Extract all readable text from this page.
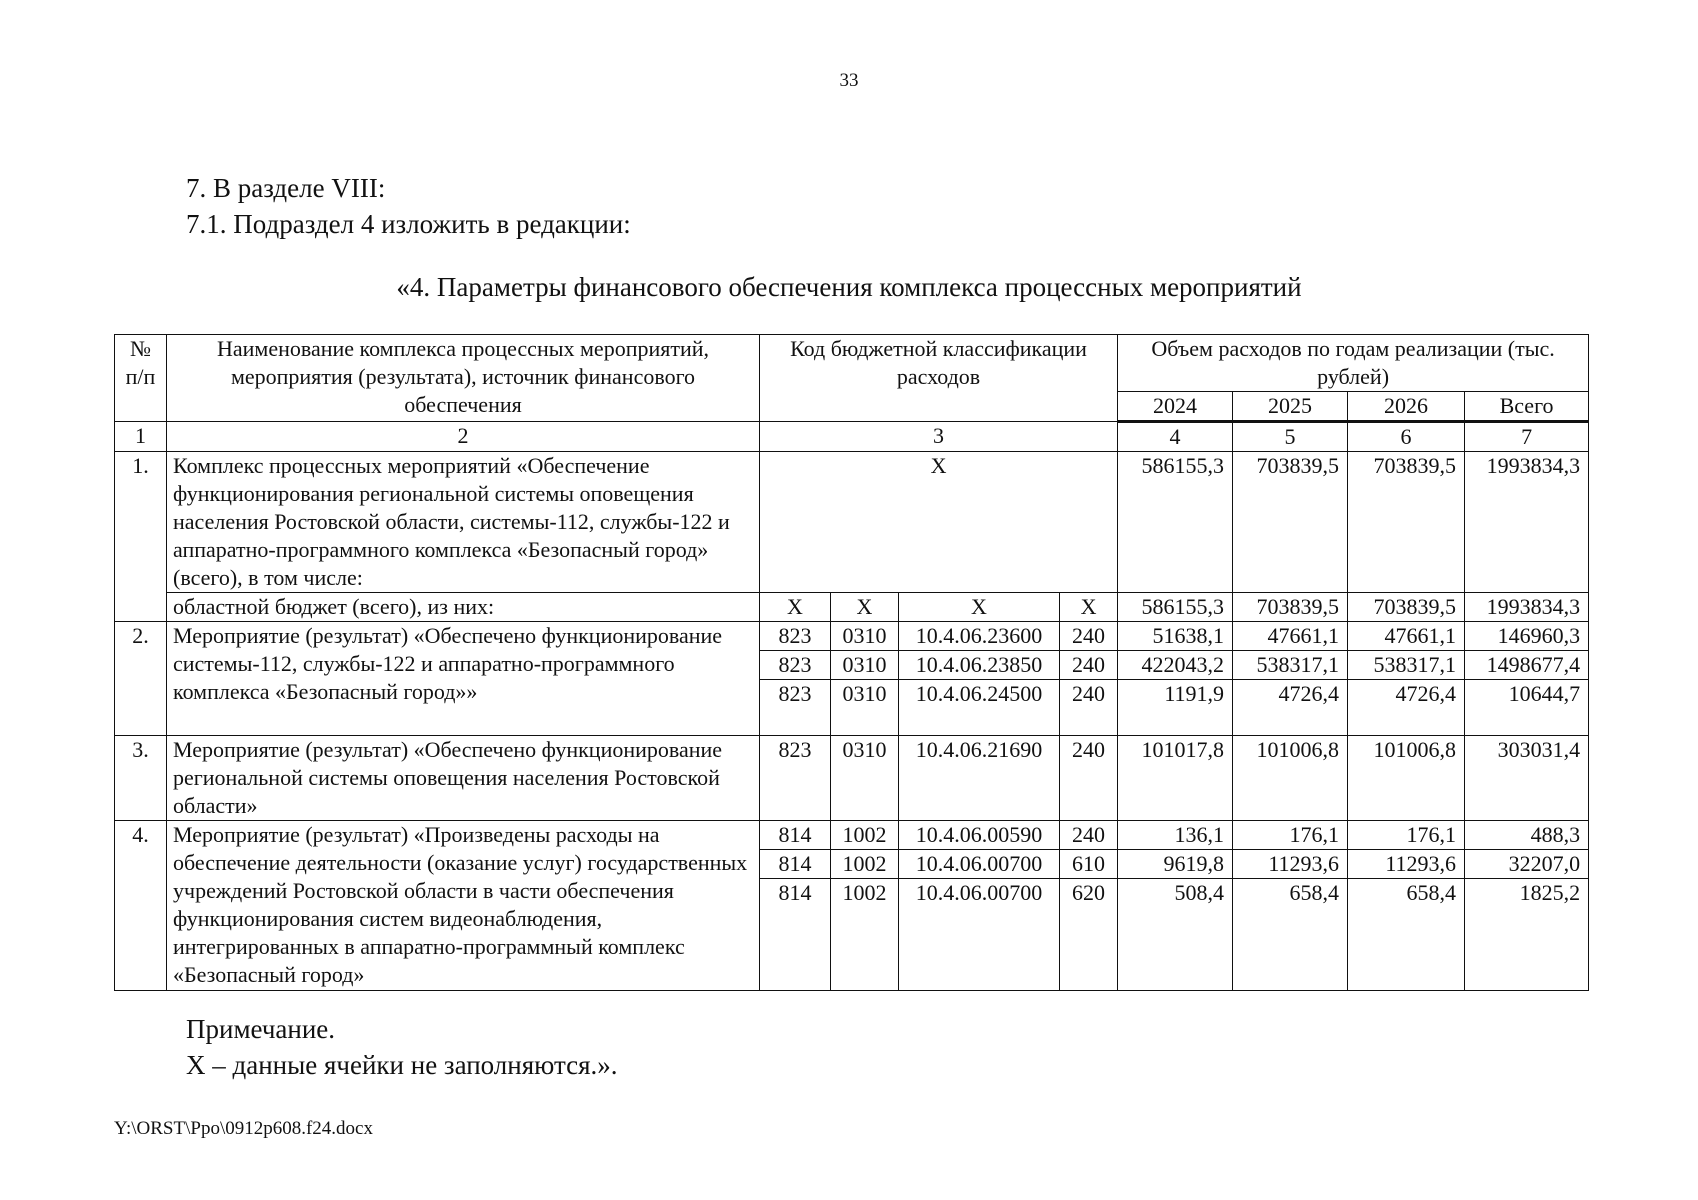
33
7. В разделе VIII:
7.1. Подраздел 4 изложить в редакции:
«4. Параметры финансового обеспечения комплекса процессных мероприятий
№ п/п	Наименование комплекса процессных мероприятий, мероприятия (результата), источник финансового обеспечения	Код бюджетной классификации расходов				Объем расходов по годам реализации (тыс. рублей)			
						2024	2025	2026	Всего
1	2	3				4	5	6	7
1.	Комплекс процессных мероприятий «Обеспечение функционирования региональной системы оповещения населения Ростовской области, системы-112, службы-122 и аппаратно-программного комплекса «Безопасный город» (всего), в том числе:	X				586155,3	703839,5	703839,5	1993834,3
	областной бюджет (всего), из них:	X	X	X	X	586155,3	703839,5	703839,5	1993834,3
2.	Мероприятие (результат) «Обеспечено функционирование системы-112, службы-122 и аппаратно-программного комплекса «Безопасный город»»	823	0310	10.4.06.23600	240	51638,1	47661,1	47661,1	146960,3
		823	0310	10.4.06.23850	240	422043,2	538317,1	538317,1	1498677,4
		823	0310	10.4.06.24500	240	1191,9	4726,4	4726,4	10644,7
3.	Мероприятие (результат) «Обеспечено функционирование региональной системы оповещения населения Ростовской области»	823	0310	10.4.06.21690	240	101017,8	101006,8	101006,8	303031,4
4.	Мероприятие (результат) «Произведены расходы на обеспечение деятельности (оказание услуг) государственных учреждений Ростовской области в части обеспечения функционирования систем видеонаблюдения, интегрированных в аппаратно-программный комплекс «Безопасный город»	814	1002	10.4.06.00590	240	136,1	176,1	176,1	488,3
		814	1002	10.4.06.00700	610	9619,8	11293,6	11293,6	32207,0
		814	1002	10.4.06.00700	620	508,4	658,4	658,4	1825,2
Примечание.
X – данные ячейки не заполняются.».
Y:\ORST\Ppo\0912p608.f24.docx
